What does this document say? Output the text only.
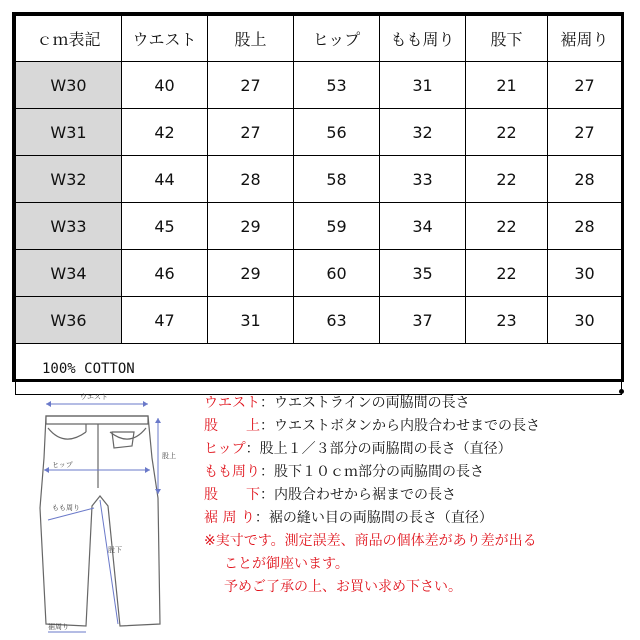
ｃｍ表記	ウエスト	股上	ヒップ	もも周り	股下	裾周り
W30	40	27	53	31	21	27
W31	42	27	56	32	22	27
W32	44	28	58	33	22	28
W33	45	29	59	34	22	28
W34	46	29	60	35	22	30
W36	47	31	63	37	23	30
100% COTTON						
ウエスト
股上
ヒップ
もも周り
股下
裾周り
ウエスト：ウエストラインの両脇間の長さ
股　　上：ウエストボタンから内股合わせまでの長さ
ヒップ：股上１／３部分の両脇間の長さ（直径）
もも周り：股下１０ｃｍ部分の両脇間の長さ
股　　下：内股合わせから裾までの長さ
裾 周 り：裾の縫い目の両脇間の長さ（直径）
※実寸です。測定誤差、商品の個体差があり差が出る
ことが御座います。
予めご了承の上、お買い求め下さい。
